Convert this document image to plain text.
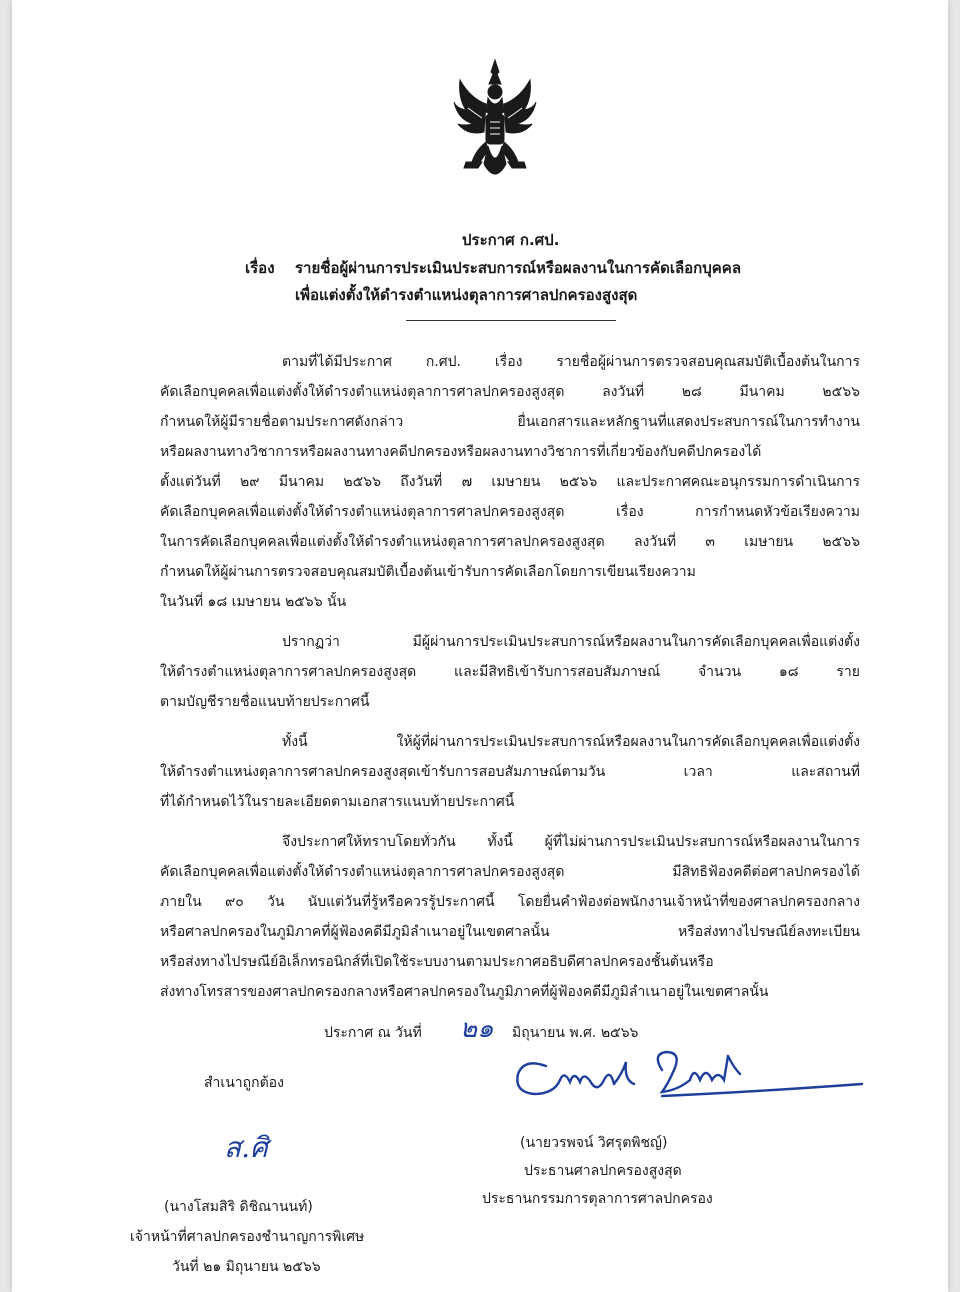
ประกาศ ก.ศป.
เรื่อง รายชื่อผู้ผ่านการประเมินประสบการณ์หรือผลงานในการคัดเลือกบุคคล
เพื่อแต่งตั้งให้ดำรงตำแหน่งตุลาการศาลปกครองสูงสุด
ตามที่ได้มีประกาศ ก.ศป. เรื่อง รายชื่อผู้ผ่านการตรวจสอบคุณสมบัติเบื้องต้นในการ
คัดเลือกบุคคลเพื่อแต่งตั้งให้ดำรงตำแหน่งตุลาการศาลปกครองสูงสุด ลงวันที่ ๒๘ มีนาคม ๒๕๖๖
กำหนดให้ผู้มีรายชื่อตามประกาศดังกล่าว ยื่นเอกสารและหลักฐานที่แสดงประสบการณ์ในการทำงาน
หรือผลงานทางวิชาการหรือผลงานทางคดีปกครองหรือผลงานทางวิชาการที่เกี่ยวข้องกับคดีปกครองได้
ตั้งแต่วันที่ ๒๙ มีนาคม ๒๕๖๖ ถึงวันที่ ๗ เมษายน ๒๕๖๖ และประกาศคณะอนุกรรมการดำเนินการ
คัดเลือกบุคคลเพื่อแต่งตั้งให้ดำรงตำแหน่งตุลาการศาลปกครองสูงสุด เรื่อง การกำหนดหัวข้อเรียงความ
ในการคัดเลือกบุคคลเพื่อแต่งตั้งให้ดำรงตำแหน่งตุลาการศาลปกครองสูงสุด ลงวันที่ ๓ เมษายน ๒๕๖๖
กำหนดให้ผู้ผ่านการตรวจสอบคุณสมบัติเบื้องต้นเข้ารับการคัดเลือกโดยการเขียนเรียงความ
ในวันที่ ๑๘ เมษายน ๒๕๖๖ นั้น
ปรากฏว่า มีผู้ผ่านการประเมินประสบการณ์หรือผลงานในการคัดเลือกบุคคลเพื่อแต่งตั้ง
ให้ดำรงตำแหน่งตุลาการศาลปกครองสูงสุด และมีสิทธิเข้ารับการสอบสัมภาษณ์ จำนวน ๑๘ ราย
ตามบัญชีรายชื่อแนบท้ายประกาศนี้
ทั้งนี้ ให้ผู้ที่ผ่านการประเมินประสบการณ์หรือผลงานในการคัดเลือกบุคคลเพื่อแต่งตั้ง
ให้ดำรงตำแหน่งตุลาการศาลปกครองสูงสุดเข้ารับการสอบสัมภาษณ์ตามวัน เวลา และสถานที่
ที่ได้กำหนดไว้ในรายละเอียดตามเอกสารแนบท้ายประกาศนี้
จึงประกาศให้ทราบโดยทั่วกัน ทั้งนี้ ผู้ที่ไม่ผ่านการประเมินประสบการณ์หรือผลงานในการ
คัดเลือกบุคคลเพื่อแต่งตั้งให้ดำรงตำแหน่งตุลาการศาลปกครองสูงสุด มีสิทธิฟ้องคดีต่อศาลปกครองได้
ภายใน ๙๐ วัน นับแต่วันที่รู้หรือควรรู้ประกาศนี้ โดยยื่นคำฟ้องต่อพนักงานเจ้าหน้าที่ของศาลปกครองกลาง
หรือศาลปกครองในภูมิภาคที่ผู้ฟ้องคดีมีภูมิลำเนาอยู่ในเขตศาลนั้น หรือส่งทางไปรษณีย์ลงทะเบียน
หรือส่งทางไปรษณีย์อิเล็กทรอนิกส์ที่เปิดใช้ระบบงานตามประกาศอธิบดีศาลปกครองชั้นต้นหรือ
ส่งทางโทรสารของศาลปกครองกลางหรือศาลปกครองในภูมิภาคที่ผู้ฟ้องคดีมีภูมิลำเนาอยู่ในเขตศาลนั้น
ประกาศ ณ วันที่ ๒๑ มิถุนายน พ.ศ. ๒๕๖๖
(นายวรพจน์ วิศรุตพิชญ์)
ประธานศาลปกครองสูงสุด
ประธานกรรมการตุลาการศาลปกครอง
สำเนาถูกต้อง
ส.ศิ
(นางโสมสิริ ดิชิณานนท์)
เจ้าหน้าที่ศาลปกครองชำนาญการพิเศษ
วันที่ ๒๑ มิถุนายน ๒๕๖๖
